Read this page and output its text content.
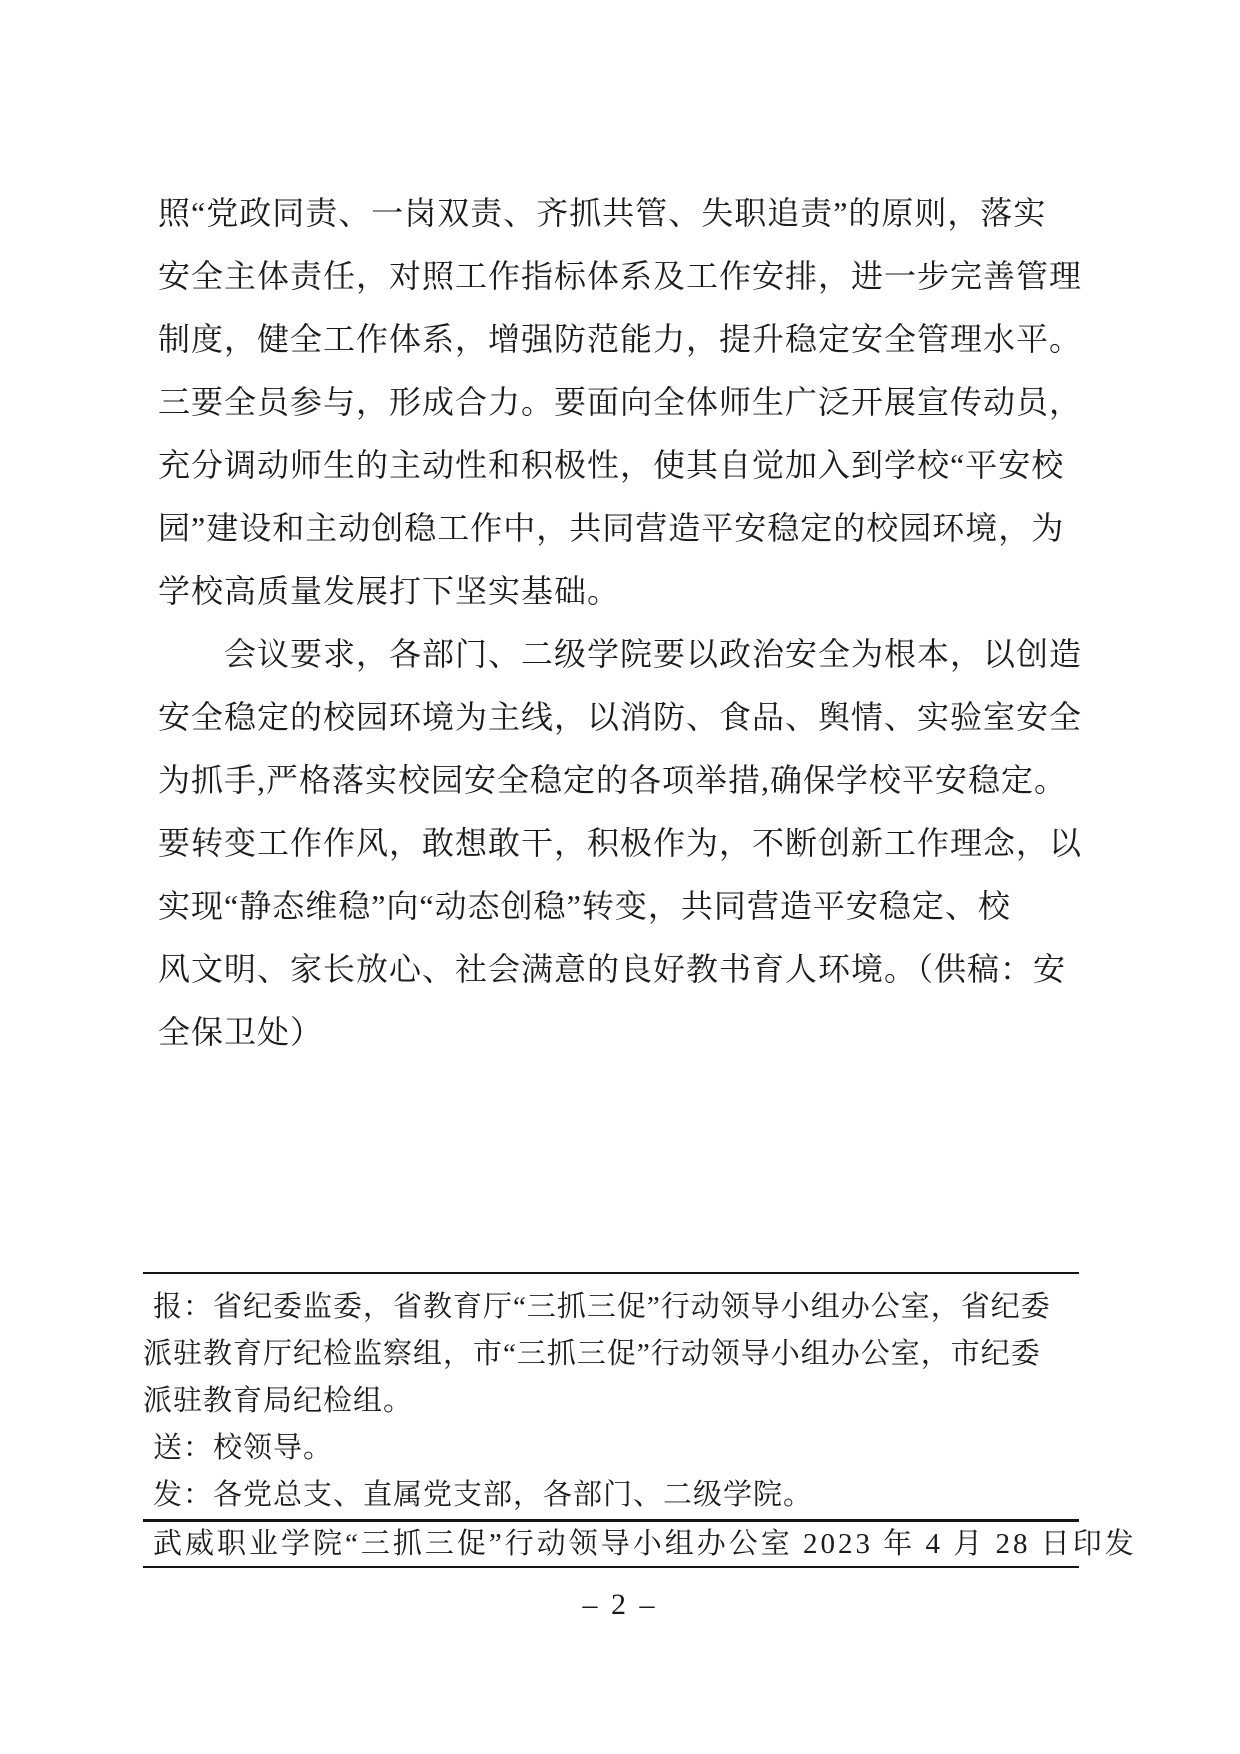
照“党政同责、一岗双责、齐抓共管、失职追责”的原则，落实

安全主体责任，对照工作指标体系及工作安排，进一步完善管理

制度，健全工作体系，增强防范能力，提升稳定安全管理水平。

三要全员参与，形成合力。要面向全体师生广泛开展宣传动员，

充分调动师生的主动性和积极性，使其自觉加入到学校“平安校

园”建设和主动创稳工作中，共同营造平安稳定的校园环境，为

学校高质量发展打下坚实基础。

会议要求，各部门、二级学院要以政治安全为根本，以创造

安全稳定的校园环境为主线，以消防、食品、舆情、实验室安全

为抓手,严格落实校园安全稳定的各项举措,确保学校平安稳定。

要转变工作作风，敢想敢干，积极作为，不断创新工作理念，以

实现“静态维稳”向“动态创稳”转变，共同营造平安稳定、校

风文明、家长放心、社会满意的良好教书育人环境。（供稿：安

全保卫处）

报：省纪委监委，省教育厅“三抓三促”行动领导小组办公室，省纪委

派驻教育厅纪检监察组，市“三抓三促”行动领导小组办公室，市纪委

派驻教育局纪检组。

送：校领导。

发：各党总支、直属党支部，各部门、二级学院。

武威职业学院“三抓三促”行动领导小组办公室 2023 年 4 月 28 日印发

– 2 –
